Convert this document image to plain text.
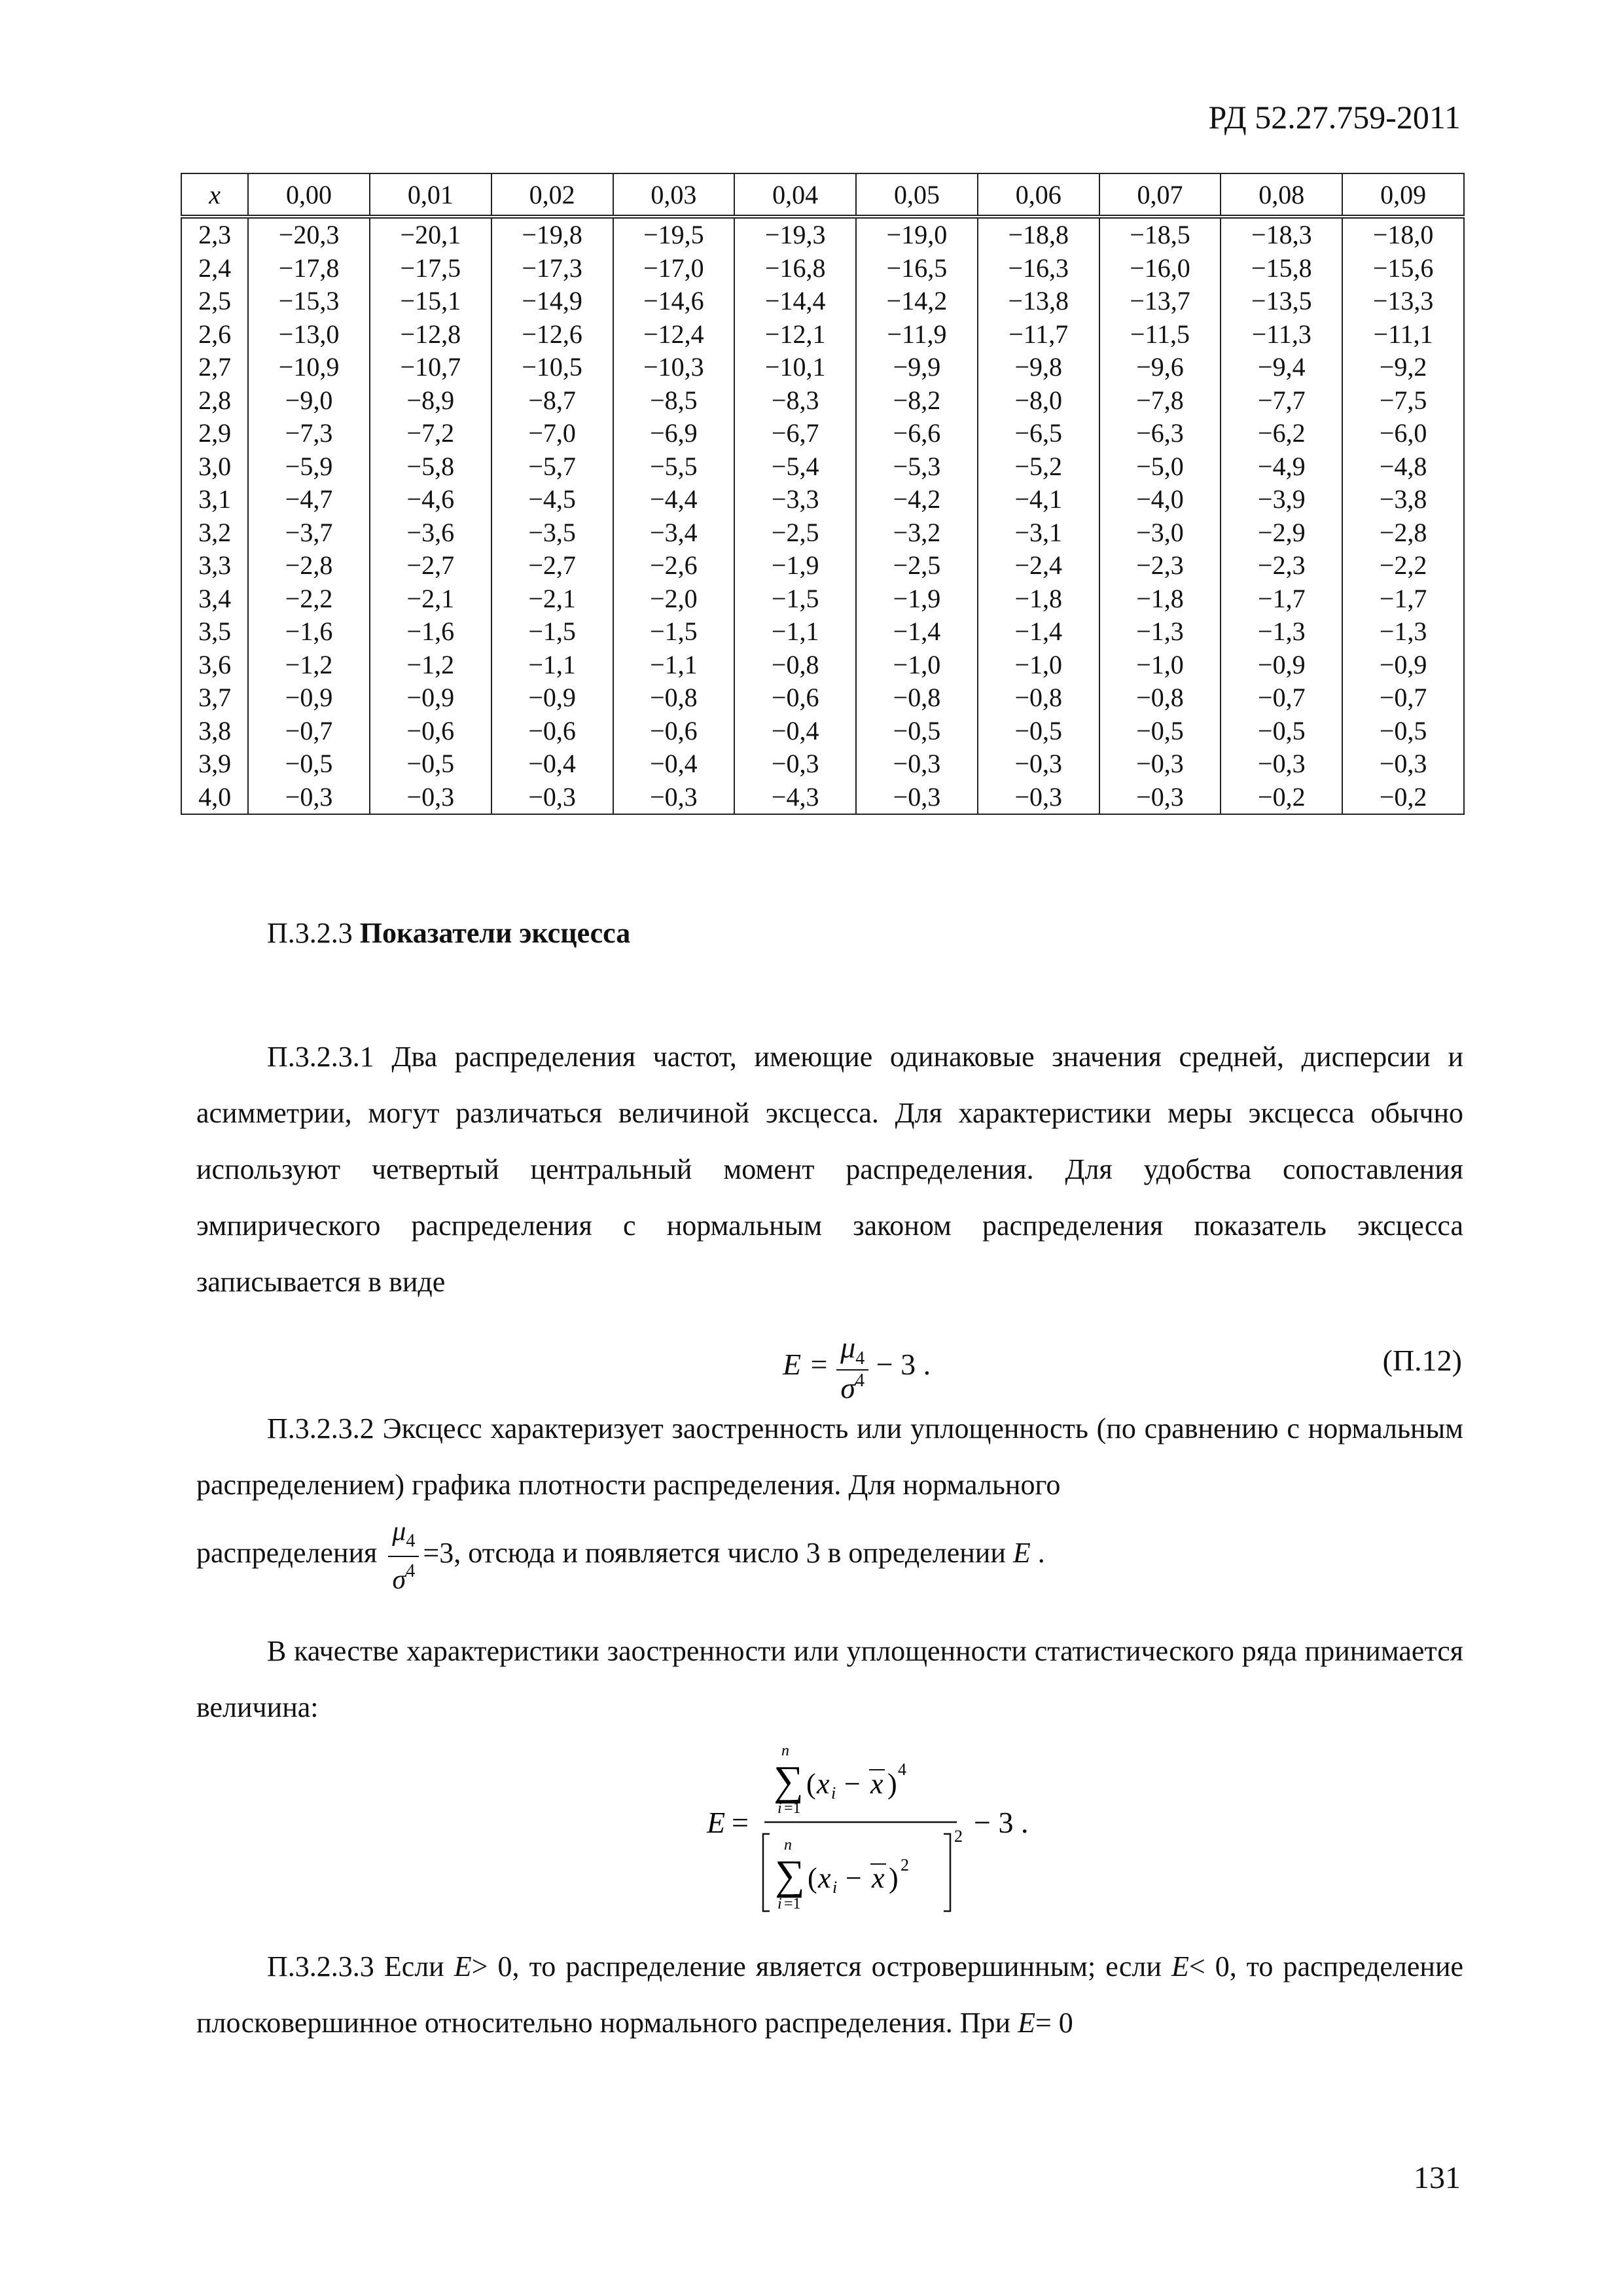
РД 52.27.759-2011
x	0,00	0,01	0,02	0,03	0,04	0,05	0,06	0,07	0,08	0,09
2,3	−20,3	−20,1	−19,8	−19,5	−19,3	−19,0	−18,8	−18,5	−18,3	−18,0
2,4	−17,8	−17,5	−17,3	−17,0	−16,8	−16,5	−16,3	−16,0	−15,8	−15,6
2,5	−15,3	−15,1	−14,9	−14,6	−14,4	−14,2	−13,8	−13,7	−13,5	−13,3
2,6	−13,0	−12,8	−12,6	−12,4	−12,1	−11,9	−11,7	−11,5	−11,3	−11,1
2,7	−10,9	−10,7	−10,5	−10,3	−10,1	−9,9	−9,8	−9,6	−9,4	−9,2
2,8	−9,0	−8,9	−8,7	−8,5	−8,3	−8,2	−8,0	−7,8	−7,7	−7,5
2,9	−7,3	−7,2	−7,0	−6,9	−6,7	−6,6	−6,5	−6,3	−6,2	−6,0
3,0	−5,9	−5,8	−5,7	−5,5	−5,4	−5,3	−5,2	−5,0	−4,9	−4,8
3,1	−4,7	−4,6	−4,5	−4,4	−3,3	−4,2	−4,1	−4,0	−3,9	−3,8
3,2	−3,7	−3,6	−3,5	−3,4	−2,5	−3,2	−3,1	−3,0	−2,9	−2,8
3,3	−2,8	−2,7	−2,7	−2,6	−1,9	−2,5	−2,4	−2,3	−2,3	−2,2
3,4	−2,2	−2,1	−2,1	−2,0	−1,5	−1,9	−1,8	−1,8	−1,7	−1,7
3,5	−1,6	−1,6	−1,5	−1,5	−1,1	−1,4	−1,4	−1,3	−1,3	−1,3
3,6	−1,2	−1,2	−1,1	−1,1	−0,8	−1,0	−1,0	−1,0	−0,9	−0,9
3,7	−0,9	−0,9	−0,9	−0,8	−0,6	−0,8	−0,8	−0,8	−0,7	−0,7
3,8	−0,7	−0,6	−0,6	−0,6	−0,4	−0,5	−0,5	−0,5	−0,5	−0,5
3,9	−0,5	−0,5	−0,4	−0,4	−0,3	−0,3	−0,3	−0,3	−0,3	−0,3
4,0	−0,3	−0,3	−0,3	−0,3	−4,3	−0,3	−0,3	−0,3	−0,2	−0,2
П.3.2.3 Показатели эксцесса
П.3.2.3.1 Два распределения частот, имеющие одинаковые значения средней, дисперсии и асимметрии, могут различаться величиной эксцесса. Для характеристики меры эксцесса обычно используют четвертый центральный момент распределения. Для удобства сопоставления эмпирического распределения с нормальным законом распределения показатель эксцесса записывается в виде
$E = \frac{\mu_4}{\sigma^4} - 3$ .	(П.12)
П.3.2.3.2 Эксцесс характеризует заостренность или уплощенность (по сравнению с нормальным распределением) графика плотности распределения. Для нормального
распределения $\frac{\mu_4}{\sigma^4} =3$, отсюда и появляется число 3 в определении E .
В качестве характеристики заостренности или уплощенности статистического ряда принимается величина:
E =
n
∑
i =1
( x i − x ) 4
2
n
∑
i =1
( x i − x ) 2
− 3 .
П.3.2.3.3 Если E> 0, то распределение является островершинным; если E< 0, то распределение плосковершинное относительно нормального распределения. При E= 0
131
